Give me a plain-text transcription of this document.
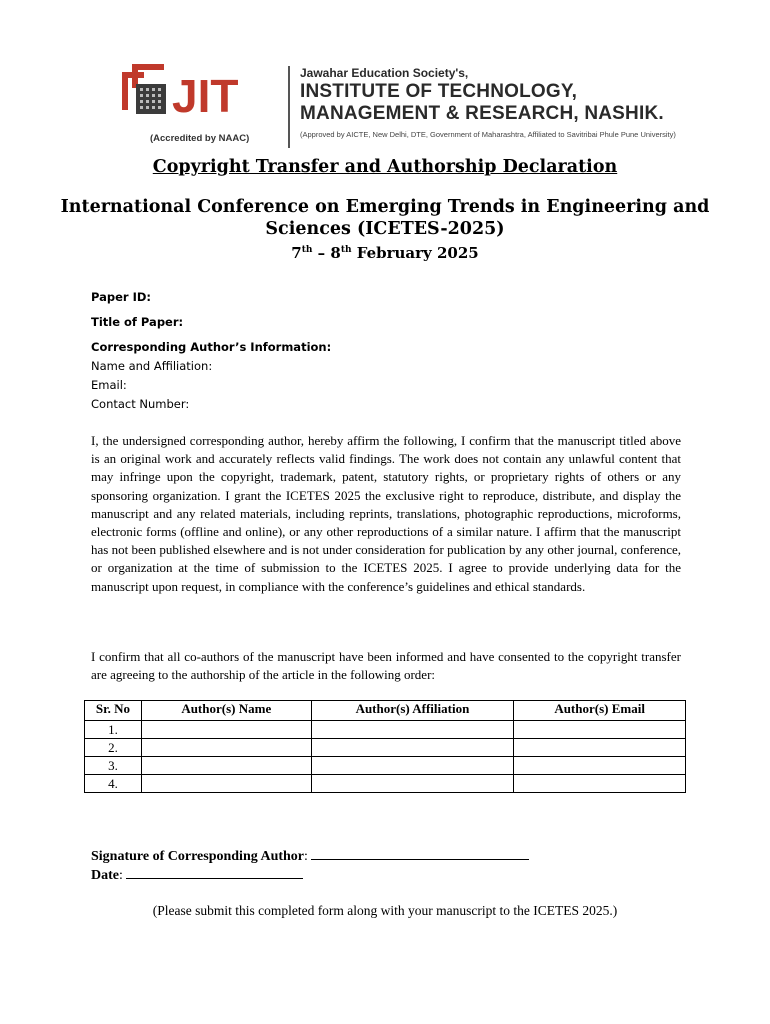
JIT
(Accredited by NAAC)
Jawahar Education Society's,
INSTITUTE OF TECHNOLOGY,
MANAGEMENT & RESEARCH, NASHIK.
(Approved by AICTE, New Delhi, DTE, Government of Maharashtra, Affiliated to Savitribai Phule Pune University)
Copyright Transfer and Authorship Declaration
International Conference on Emerging Trends in Engineering and Sciences (ICETES-2025)
7th – 8th February 2025
Paper ID:
Title of Paper:
Corresponding Author’s Information:
Name and Affiliation:
Email:
Contact Number:
I, the undersigned corresponding author, hereby affirm the following, I confirm that the manuscript titled above is an original work and accurately reflects valid findings. The work does not contain any unlawful content that may infringe upon the copyright, trademark, patent, statutory rights, or proprietary rights of others or any sponsoring organization. I grant the ICETES 2025 the exclusive right to reproduce, distribute, and display the manuscript and any related materials, including reprints, translations, photographic reproductions, microforms, electronic forms (offline and online), or any other reproductions of a similar nature. I affirm that the manuscript has not been published elsewhere and is not under consideration for publication by any other journal, conference, or organization at the time of submission to the ICETES 2025. I agree to provide underlying data for the manuscript upon request, in compliance with the conference’s guidelines and ethical standards.
I confirm that all co-authors of the manuscript have been informed and have consented to the copyright transfer are agreeing to the authorship of the article in the following order:
Sr. No	Author(s) Name	Author(s) Affiliation	Author(s) Email
1.			
2.			
3.			
4.			
Signature of Corresponding Author:
Date:
(Please submit this completed form along with your manuscript to the ICETES 2025.)
